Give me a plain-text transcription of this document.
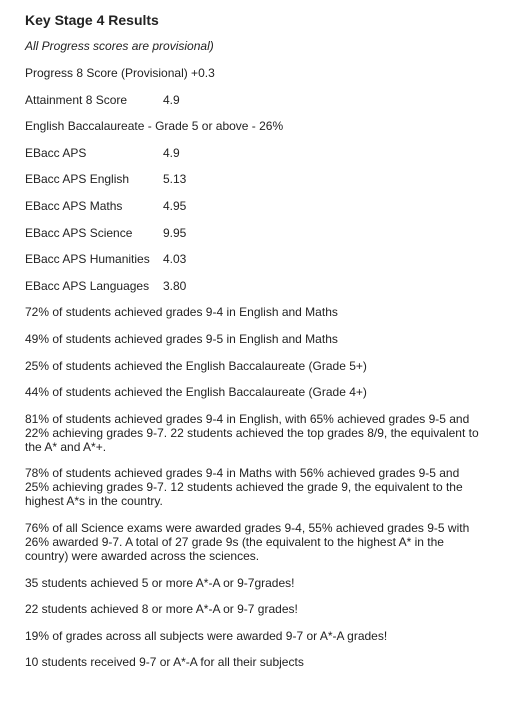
Key Stage 4 Results

All Progress scores are provisional)

Progress 8 Score (Provisional) +0.3

Attainment 8 Score	4.9

English Baccalaureate - Grade 5 or above - 26%

EBacc APS	4.9
EBacc APS English	5.13
EBacc APS Maths	4.95
EBacc APS Science	9.95
EBacc APS Humanities	4.03
EBacc APS Languages	3.80

72% of students achieved grades 9-4 in English and Maths

49% of students achieved grades 9-5 in English and Maths

25% of students achieved the English Baccalaureate (Grade 5+)

44% of students achieved the English Baccalaureate (Grade 4+)

81% of students achieved grades 9-4 in English, with 65% achieved grades 9-5 and 22% achieving grades 9-7. 22 students achieved the top grades 8/9, the equivalent to the A* and A*+.

78% of students achieved grades 9-4 in Maths with 56% achieved grades 9-5 and 25% achieving grades 9-7. 12 students achieved the grade 9, the equivalent to the highest A*s in the country.

76% of all Science exams were awarded grades 9-4, 55% achieved grades 9-5 with 26% awarded 9-7. A total of 27 grade 9s (the equivalent to the highest A* in the country) were awarded across the sciences.

35 students achieved 5 or more A*-A or 9-7grades!

22 students achieved 8 or more A*-A or 9-7 grades!

19% of grades across all subjects were awarded 9-7 or A*-A grades!

10 students received 9-7 or A*-A for all their subjects
